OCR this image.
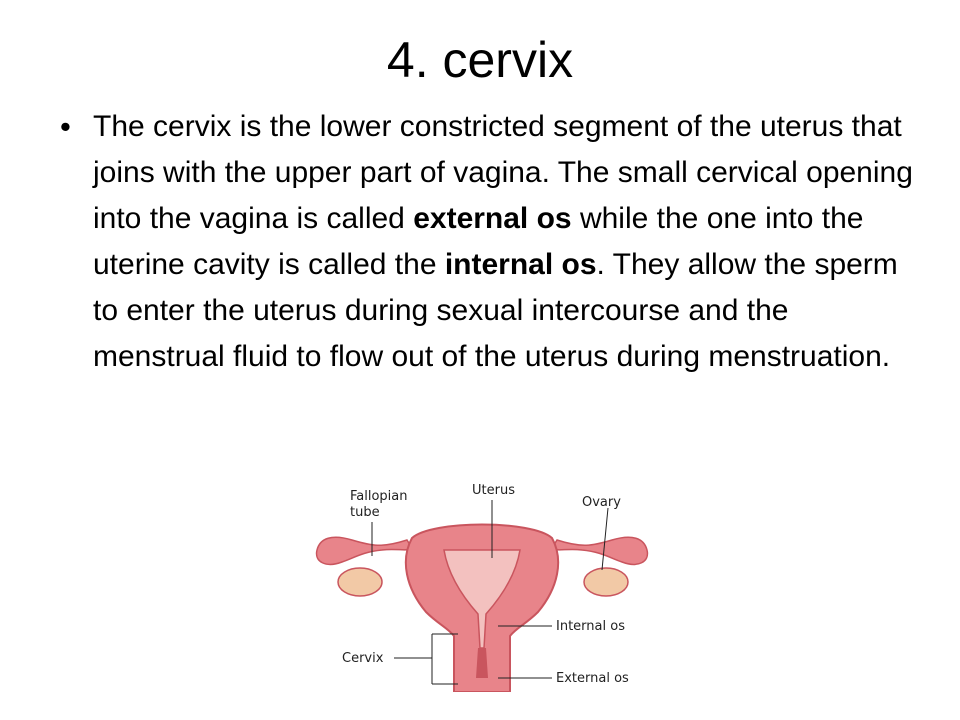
4. cervix
• The cervix is the lower constricted segment of the uterus that joins with the upper part of vagina. The small cervical opening into the vagina is called external os while the one into the uterine cavity is called the internal os. They allow the sperm to enter the uterus during sexual intercourse and the menstrual fluid to flow out of the uterus during menstruation.

Fallopian
tube
Uterus
Ovary
Internal os
Cervix
External os
